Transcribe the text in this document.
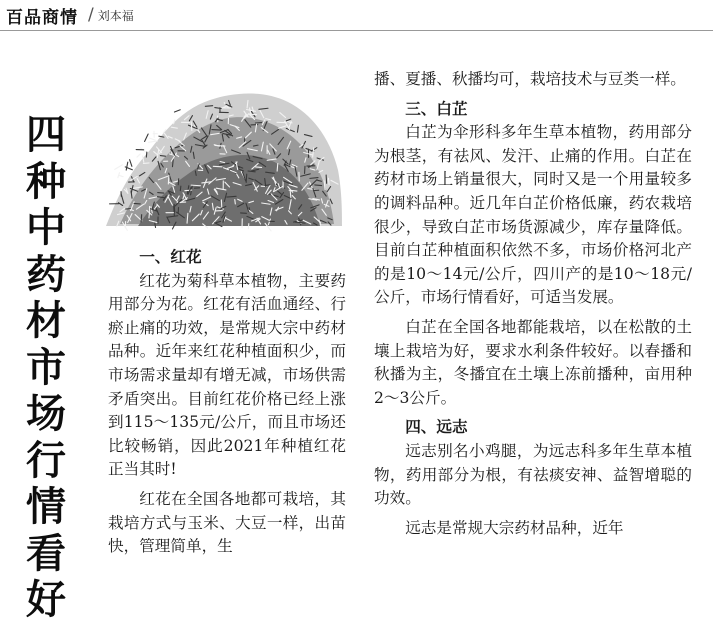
百品商情 / 刘本福
四
种
中
药
材
市
场
行
情
看
好
一、红花

红花为菊科草本植物，主要药用部分为花。红花有活血通经、行瘀止痛的功效，是常规大宗中药材品种。近年来红花种植面积少，而市场需求量却有增无减，市场供需矛盾突出。目前红花价格已经上涨到115～135元/公斤，而且市场还比较畅销，因此2021年种植红花正当其时!

红花在全国各地都可栽培，其栽培方式与玉米、大豆一样，出苗快，管理简单，生

播、夏播、秋播均可，栽培技术与豆类一样。

三、白芷

白芷为伞形科多年生草本植物，药用部分为根茎，有祛风、发汗、止痛的作用。白芷在药材市场上销量很大，同时又是一个用量较多的调料品种。近几年白芷价格低廉，药农栽培很少，导致白芷市场货源减少，库存量降低。目前白芷种植面积依然不多，市场价格河北产的是10～14元/公斤，四川产的是10～18元/公斤，市场行情看好，可适当发展。

白芷在全国各地都能栽培，以在松散的土壤上栽培为好，要求水利条件较好。以春播和秋播为主，冬播宜在土壤上冻前播种，亩用种2～3公斤。

四、远志

远志别名小鸡腿，为远志科多年生草本植物，药用部分为根，有祛痰安神、益智增聪的功效。

远志是常规大宗药材品种，近年
